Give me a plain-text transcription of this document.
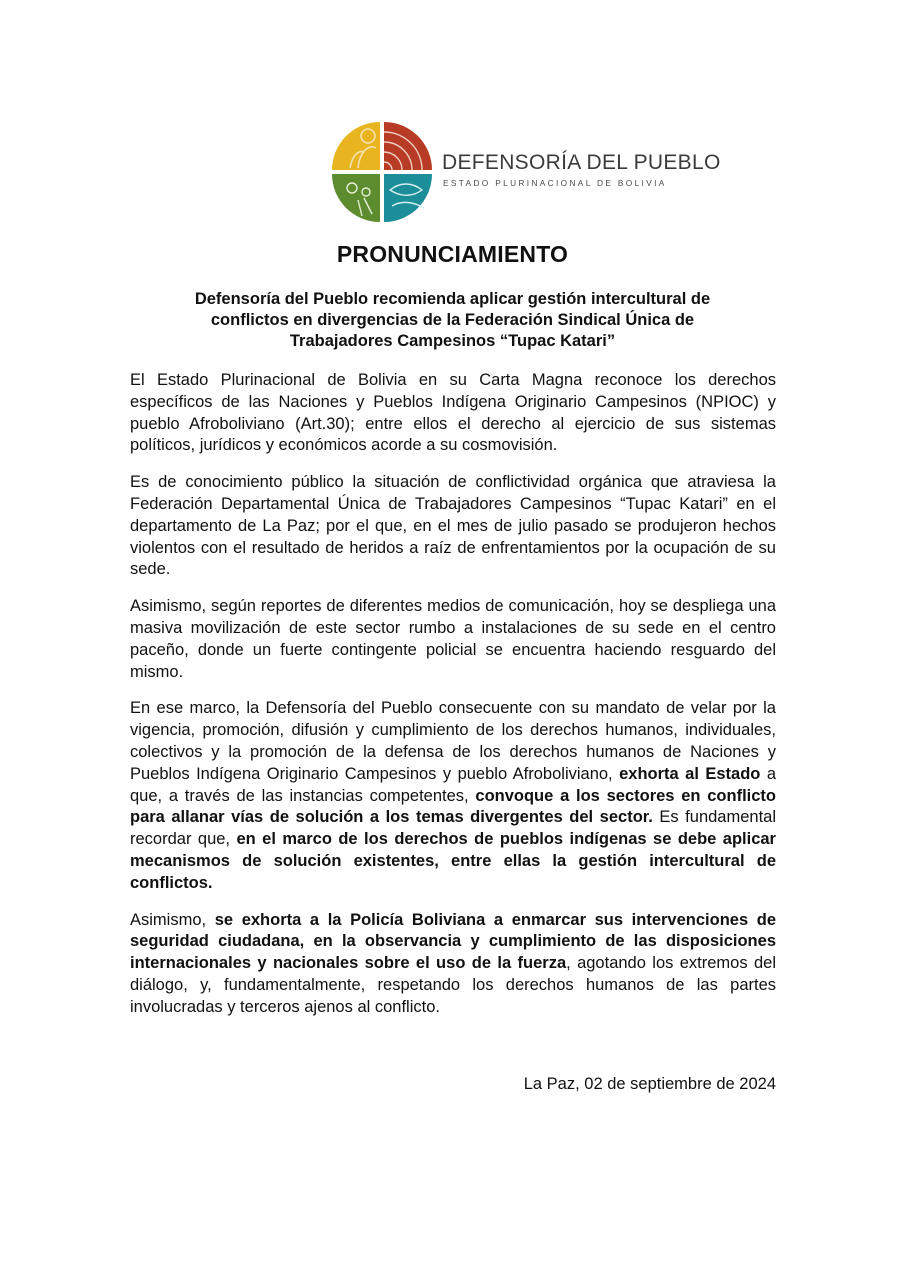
DEFENSORÍA DEL PUEBLO
ESTADO PLURINACIONAL DE BOLIVIA
PRONUNCIAMIENTO
Defensoría del Pueblo recomienda aplicar gestión intercultural de
conflictos en divergencias de la Federación Sindical Única de
Trabajadores Campesinos “Tupac Katari”

El Estado Plurinacional de Bolivia en su Carta Magna reconoce los derechos específicos de las Naciones y Pueblos Indígena Originario Campesinos (NPIOC) y pueblo Afroboliviano (Art.30); entre ellos el derecho al ejercicio de sus sistemas políticos, jurídicos y económicos acorde a su cosmovisión.

Es de conocimiento público la situación de conflictividad orgánica que atraviesa la Federación Departamental Única de Trabajadores Campesinos “Tupac Katari” en el departamento de La Paz; por el que, en el mes de julio pasado se produjeron hechos violentos con el resultado de heridos a raíz de enfrentamientos por la ocupación de su sede.

Asimismo, según reportes de diferentes medios de comunicación, hoy se despliega una masiva movilización de este sector rumbo a instalaciones de su sede en el centro paceño, donde un fuerte contingente policial se encuentra haciendo resguardo del mismo.

En ese marco, la Defensoría del Pueblo consecuente con su mandato de velar por la vigencia, promoción, difusión y cumplimiento de los derechos humanos, individuales, colectivos y la promoción de la defensa de los derechos humanos de Naciones y Pueblos Indígena Originario Campesinos y pueblo Afroboliviano, exhorta al Estado a que, a través de las instancias competentes, convoque a los sectores en conflicto para allanar vías de solución a los temas divergentes del sector. Es fundamental recordar que, en el marco de los derechos de pueblos indígenas se debe aplicar mecanismos de solución existentes, entre ellas la gestión intercultural de conflictos.

Asimismo, se exhorta a la Policía Boliviana a enmarcar sus intervenciones de seguridad ciudadana, en la observancia y cumplimiento de las disposiciones internacionales y nacionales sobre el uso de la fuerza, agotando los extremos del diálogo, y, fundamentalmente, respetando los derechos humanos de las partes involucradas y terceros ajenos al conflicto.

La Paz, 02 de septiembre de 2024
